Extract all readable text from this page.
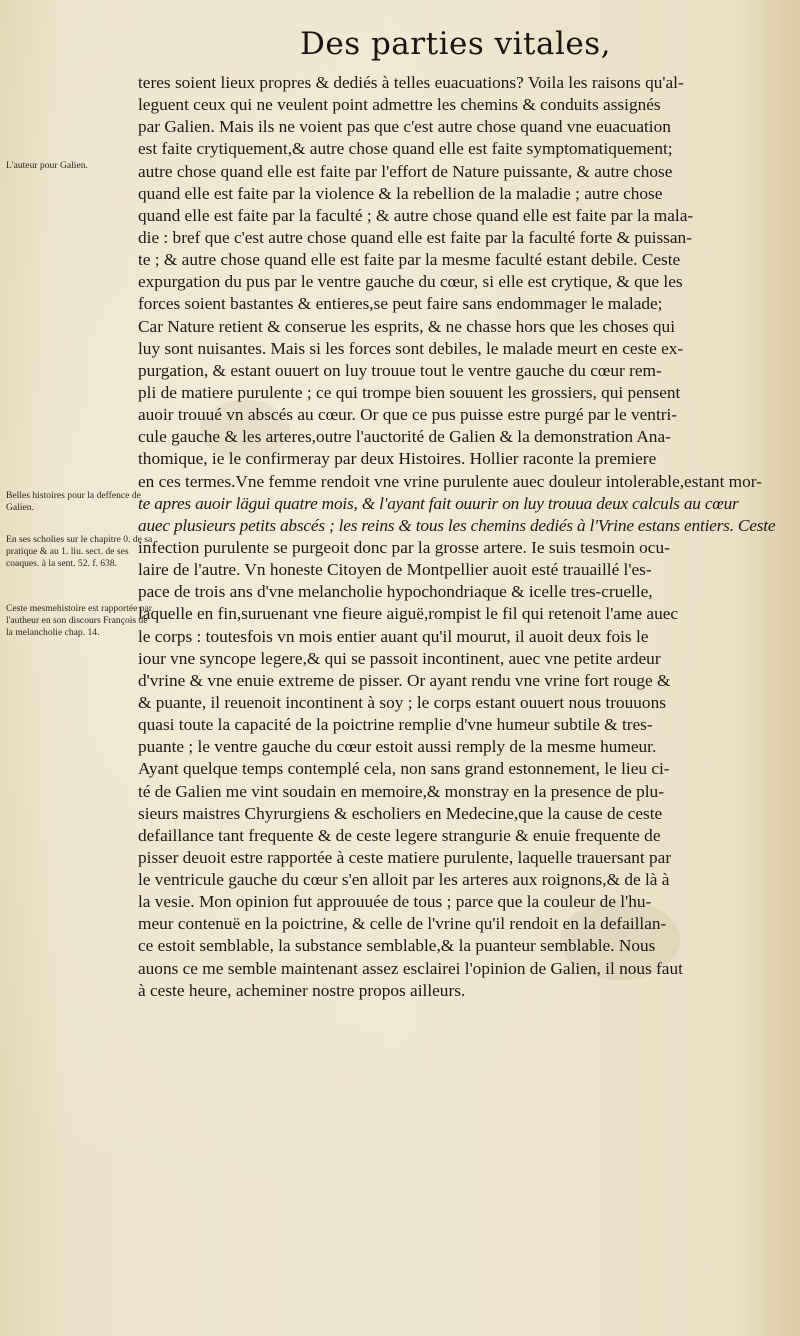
Des parties vitales,
L'auteur pour Galien.
Belles histoires pour la deffence de Galien.
En ses scholies sur le chapitre 0. de sa pratique & au 1. liu. sect. de ses coaques. à la sent. 52. f. 638.
Ceste mesmehistoire est rapportée par l'autheur en son discours François de la melancholie chap. 14.
teres soient lieux propres & dediés à telles euacuations? Voila les raisons qu'al-
leguent ceux qui ne veulent point admettre les chemins & conduits assignés
par Galien. Mais ils ne voient pas que c'est autre chose quand vne euacuation
est faite crytiquement,& autre chose quand elle est faite symptomatiquement;
autre chose quand elle est faite par l'effort de Nature puissante, & autre chose
quand elle est faite par la violence & la rebellion de la maladie ; autre chose
quand elle est faite par la faculté ; & autre chose quand elle est faite par la mala-
die : bref que c'est autre chose quand elle est faite par la faculté forte & puissan-
te ; & autre chose quand elle est faite par la mesme faculté estant debile. Ceste
expurgation du pus par le ventre gauche du cœur, si elle est crytique, & que les
forces soient bastantes & entieres,se peut faire sans endommager le malade;
Car Nature retient & conserue les esprits, & ne chasse hors que les choses qui
luy sont nuisantes. Mais si les forces sont debiles, le malade meurt en ceste ex-
purgation, & estant ouuert on luy trouue tout le ventre gauche du cœur rem-
pli de matiere purulente ; ce qui trompe bien souuent les grossiers, qui pensent
auoir trouué vn abscés au cœur. Or que ce pus puisse estre purgé par le ventri-
cule gauche & les arteres,outre l'auctorité de Galien & la demonstration Ana-
thomique, ie le confirmeray par deux Histoires. Hollier raconte la premiere
en ces termes.Vne femme rendoit vne vrine purulente auec douleur intolerable,estant mor-
te apres auoir lägui quatre mois, & l'ayant fait ouurir on luy trouua deux calculs au cœur
auec plusieurs petits abscés ; les reins & tous les chemins dediés à l'Vrine estans entiers. Ceste
infection purulente se purgeoit donc par la grosse artere. Ie suis tesmoin ocu-
laire de l'autre. Vn honeste Citoyen de Montpellier auoit esté trauaillé l'es-
pace de trois ans d'vne melancholie hypochondriaque & icelle tres-cruelle,
laquelle en fin,suruenant vne fieure aiguë,rompist le fil qui retenoit l'ame auec
le corps : toutesfois vn mois entier auant qu'il mourut, il auoit deux fois le
iour vne syncope legere,& qui se passoit incontinent, auec vne petite ardeur
d'vrine & vne enuie extreme de pisser. Or ayant rendu vne vrine fort rouge &
& puante, il reuenoit incontinent à soy ; le corps estant ouuert nous trouuons
quasi toute la capacité de la poictrine remplie d'vne humeur subtile & tres-
puante ; le ventre gauche du cœur estoit aussi remply de la mesme humeur.
Ayant quelque temps contemplé cela, non sans grand estonnement, le lieu ci-
té de Galien me vint soudain en memoire,& monstray en la presence de plu-
sieurs maistres Chyrurgiens & escholiers en Medecine,que la cause de ceste
defaillance tant frequente & de ceste legere strangurie & enuie frequente de
pisser deuoit estre rapportée à ceste matiere purulente, laquelle trauersant par
le ventricule gauche du cœur s'en alloit par les arteres aux roignons,& de là à
la vesie. Mon opinion fut approuuée de tous ; parce que la couleur de l'hu-
meur contenuë en la poictrine, & celle de l'vrine qu'il rendoit en la defaillan-
ce estoit semblable, la substance semblable,& la puanteur semblable. Nous
auons ce me semble maintenant assez esclairei l'opinion de Galien, il nous faut
à ceste heure, acheminer nostre propos ailleurs.
